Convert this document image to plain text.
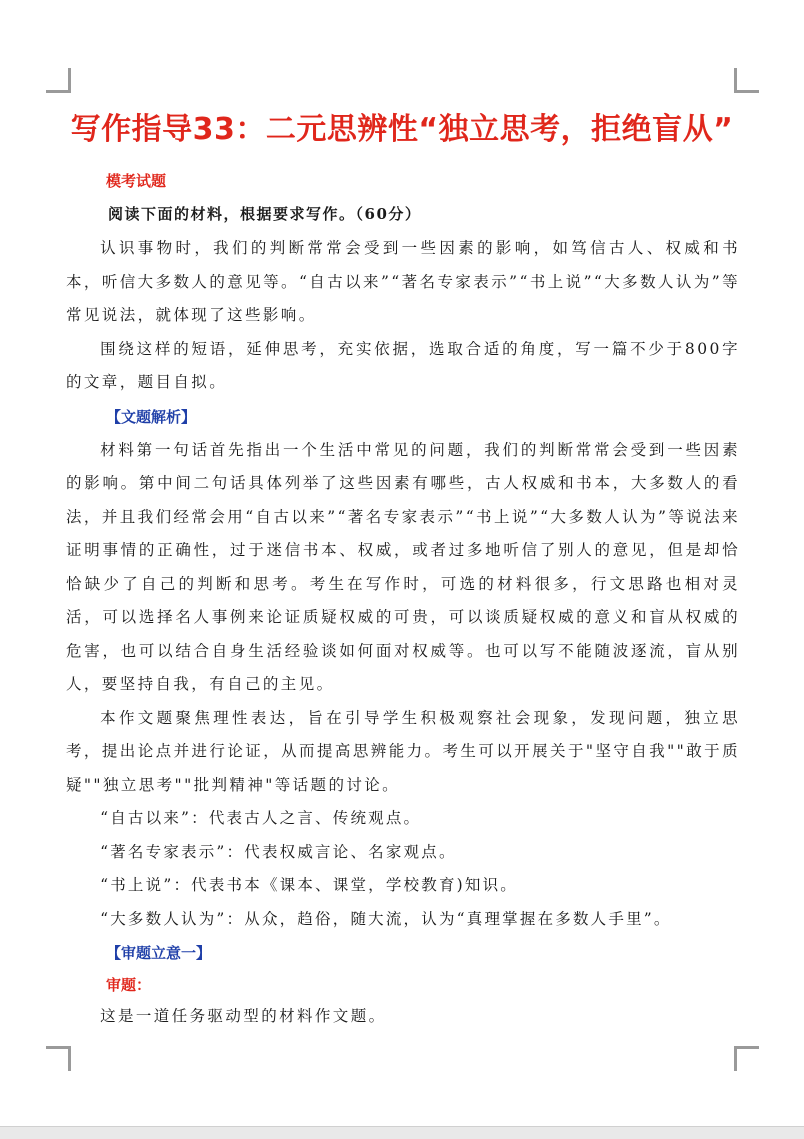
写作指导33：二元思辨性“独立思考，拒绝盲从”
模考试题
阅读下面的材料，根据要求写作。（60分）

认识事物时，我们的判断常常会受到一些因素的影响，如笃信古人、权威和书本，听信大多数人的意见等。“自古以来”“著名专家表示”“书上说”“大多数人认为”等常见说法，就体现了这些影响。

围绕这样的短语，延伸思考，充实依据，选取合适的角度，写一篇不少于800字的文章，题目自拟。

【文题解析】

材料第一句话首先指出一个生活中常见的问题，我们的判断常常会受到一些因素的影响。第中间二句话具体列举了这些因素有哪些，古人权威和书本，大多数人的看法，并且我们经常会用“自古以来”“著名专家表示”“书上说”“大多数人认为”等说法来证明事情的正确性，过于迷信书本、权威，或者过多地听信了别人的意见，但是却恰恰缺少了自己的判断和思考。考生在写作时，可选的材料很多，行文思路也相对灵活，可以选择名人事例来论证质疑权威的可贵，可以谈质疑权威的意义和盲从权威的危害，也可以结合自身生活经验谈如何面对权威等。也可以写不能随波逐流，盲从别人，要坚持自我，有自己的主见。

本作文题聚焦理性表达，旨在引导学生积极观察社会现象，发现问题，独立思考，提出论点并进行论证，从而提高思辨能力。考生可以开展关于"坚守自我""敢于质疑""独立思考""批判精神"等话题的讨论。

“自古以来”：代表古人之言、传统观点。

“著名专家表示”：代表权威言论、名家观点。

“书上说”：代表书本《课本、课堂，学校教育)知识。

“大多数人认为”：从众，趋俗，随大流，认为“真理掌握在多数人手里”。

【审题立意一】
审题：

这是一道任务驱动型的材料作文题。
